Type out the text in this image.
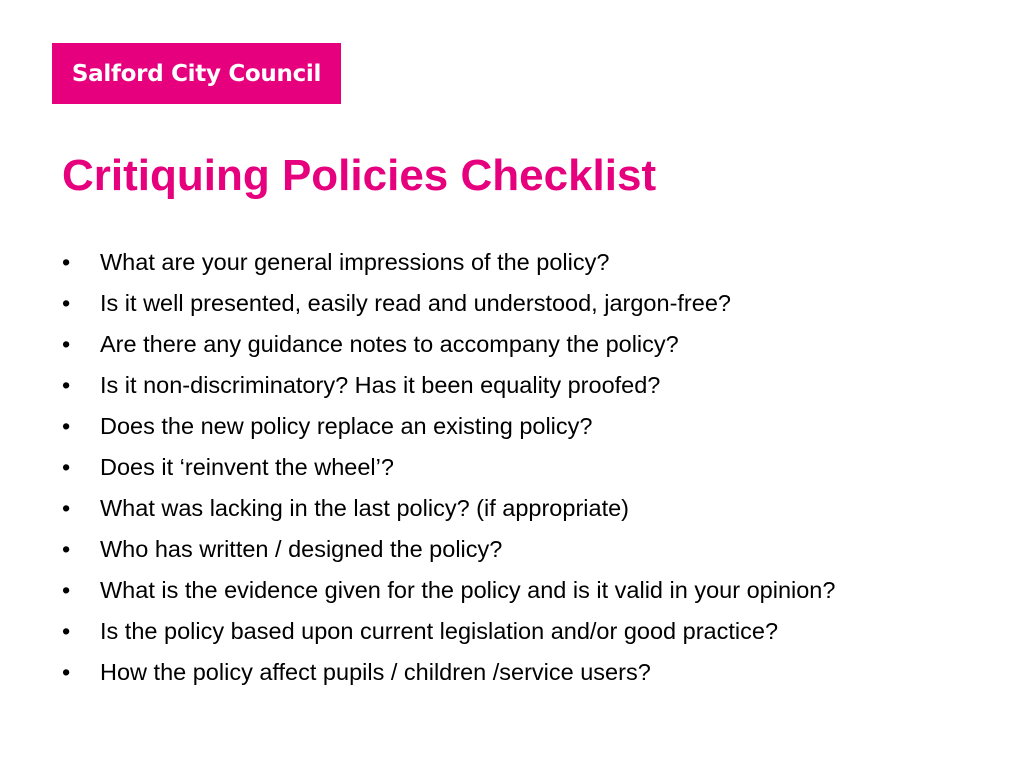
Salford City Council
Critiquing Policies Checklist
•	What are your general impressions of the policy?
•	Is it well presented, easily read and understood, jargon-free?
•	Are there any guidance notes to accompany the policy?
•	Is it non-discriminatory? Has it been equality proofed?
•	Does the new policy replace an existing policy?
•	Does it ‘reinvent the wheel’?
•	What was lacking in the last policy? (if appropriate)
•	Who has written / designed the policy?
•	What is the evidence given for the policy and is it valid in your opinion?
•	Is the policy based upon current legislation and/or good practice?
•	How the policy affect pupils / children /service users?
